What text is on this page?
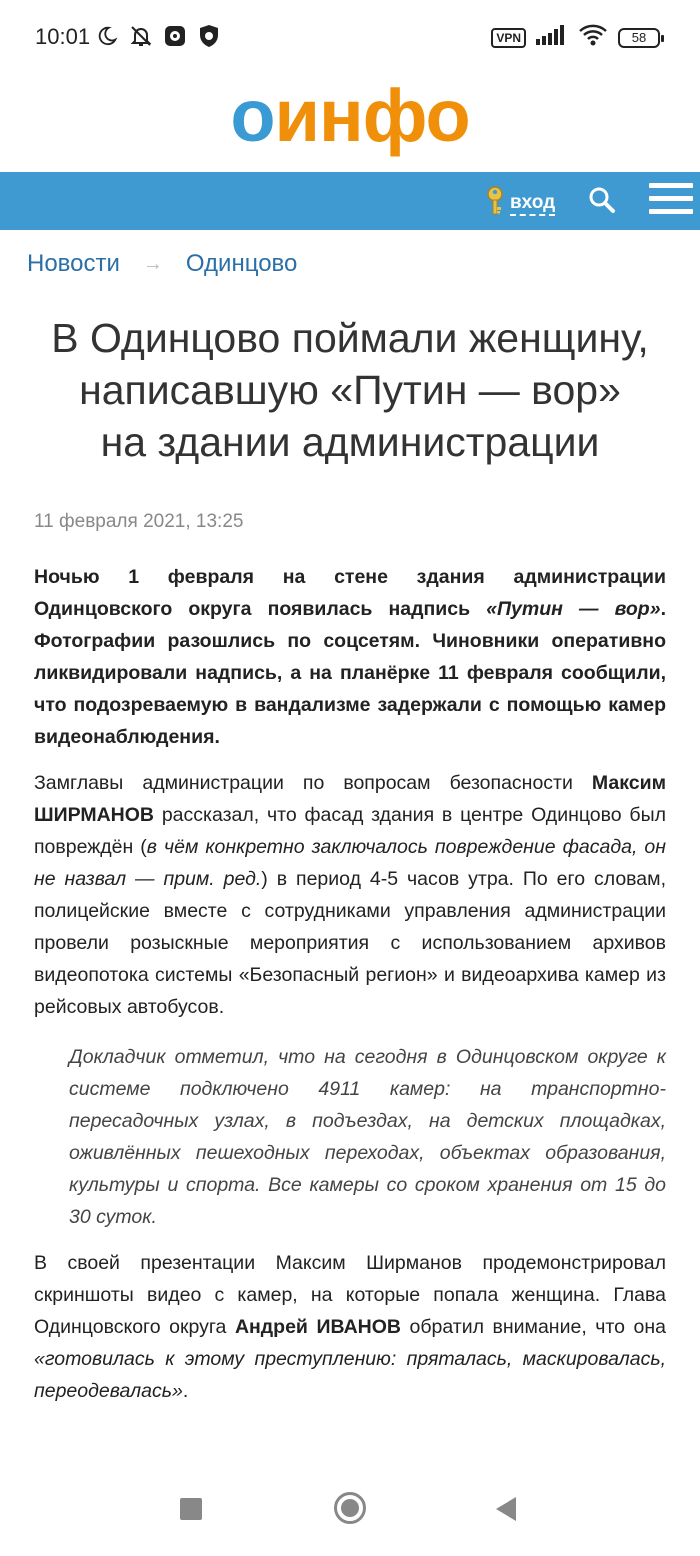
10:01	VPN	58
оинфо
вход
Новости → Одинцово
В Одинцово поймали женщину,
написавшую «Путин — вор»
на здании администрации
11 февраля 2021, 13:25

Ночью 1 февраля на стене здания администрации Одинцовского округа появилась надпись «Путин — вор». Фотографии разошлись по соцсетям. Чиновники оперативно ликвидировали надпись, а на планёрке 11 февраля сообщили, что подозреваемую в вандализме задержали с помощью камер видеонаблюдения.

Замглавы администрации по вопросам безопасности Максим ШИРМАНОВ рассказал, что фасад здания в центре Одинцово был повреждён (в чём конкретно заключалось повреждение фасада, он не назвал — прим. ред.) в период 4-5 часов утра. По его словам, полицейские вместе с сотрудниками управления администрации провели розыскные мероприятия с использованием архивов видеопотока системы «Безопасный регион» и видеоархива камер из рейсовых автобусов.

Докладчик отметил, что на сегодня в Одинцовском округе к системе подключено 4911 камер: на транспортно-пересадочных узлах, в подъездах, на детских площадках, оживлённых пешеходных переходах, объектах образования, культуры и спорта. Все камеры со сроком хранения от 15 до 30 суток.

В своей презентации Максим Ширманов продемонстрировал скриншоты видео с камер, на которые попала женщина. Глава Одинцовского округа Андрей ИВАНОВ обратил внимание, что она «готовилась к этому преступлению: пряталась, маскировалась, переодевалась».
